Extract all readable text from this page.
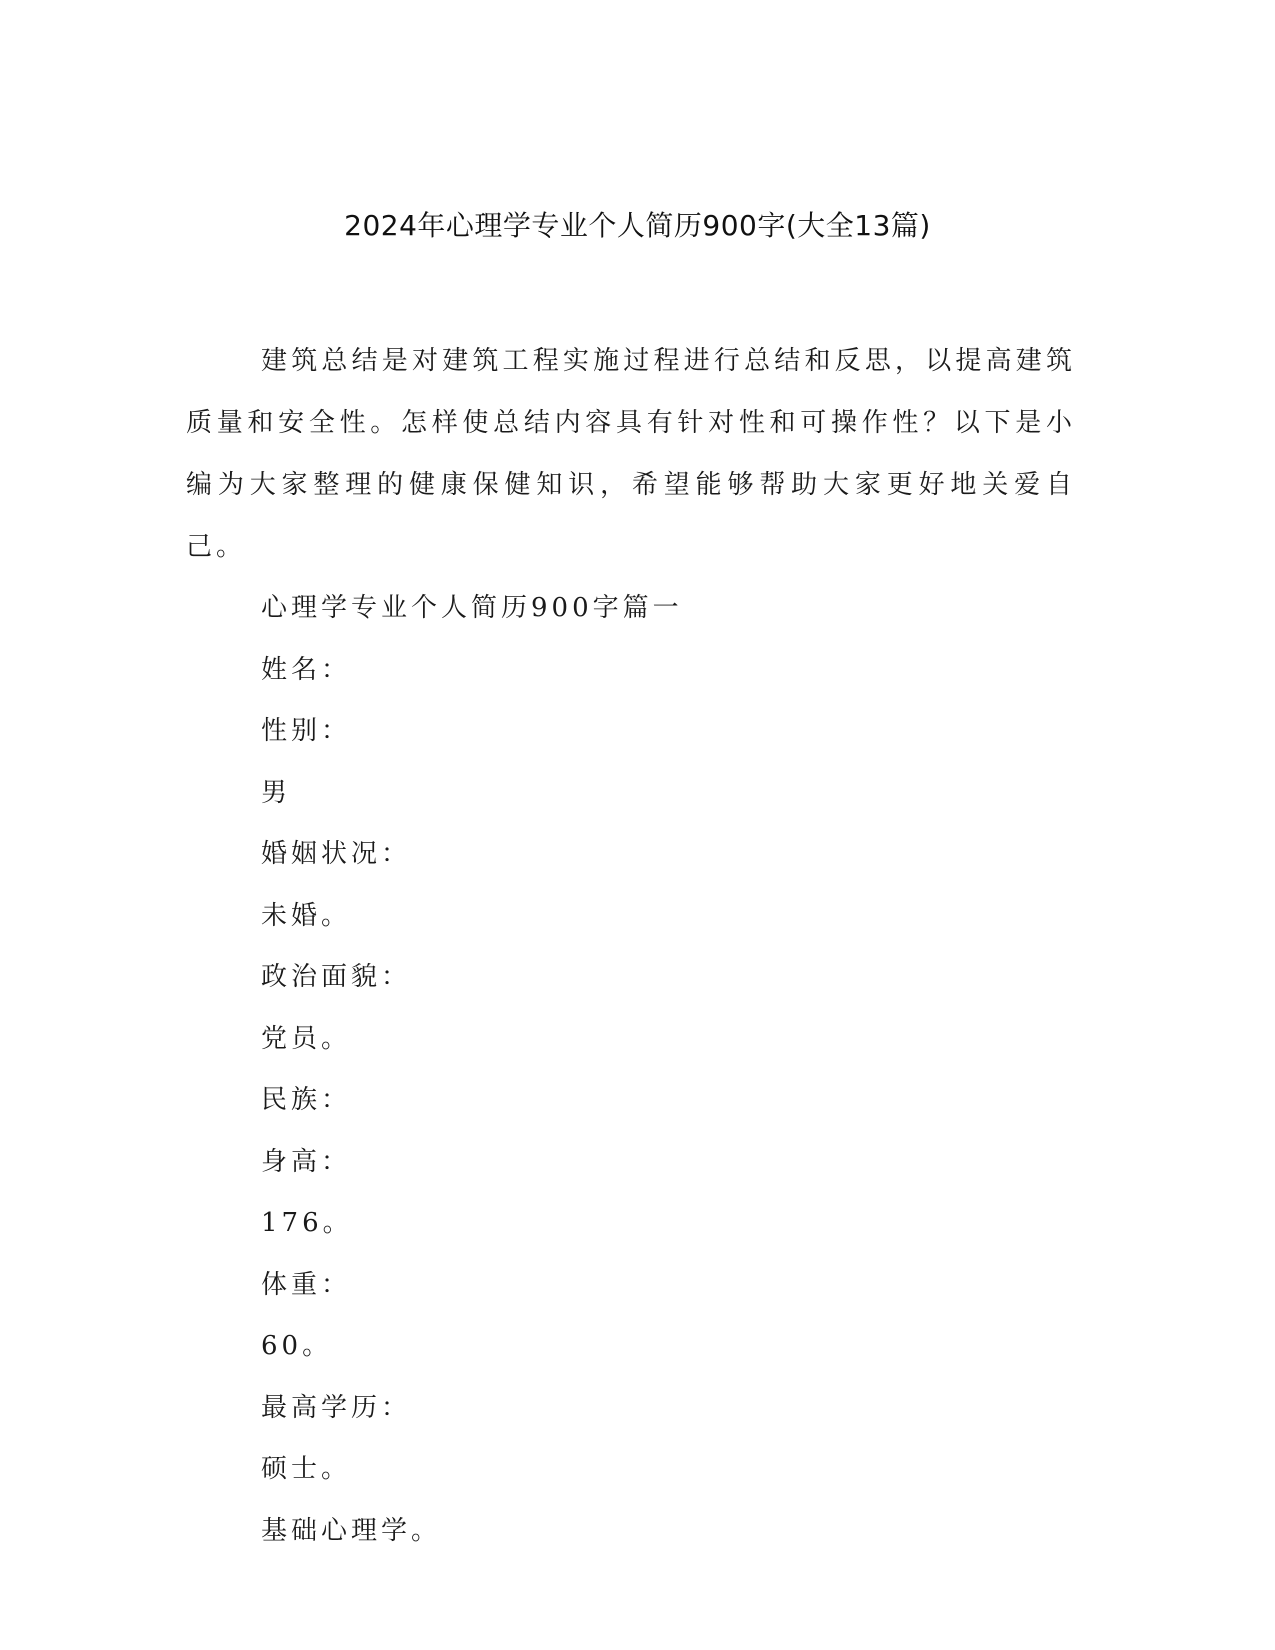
2024年心理学专业个人简历900字(大全13篇)

建筑总结是对建筑工程实施过程进行总结和反思，以提高建筑质量和安全性。怎样使总结内容具有针对性和可操作性？以下是小编为大家整理的健康保健知识，希望能够帮助大家更好地关爱自己。

心理学专业个人简历900字篇一
姓名：
性别：
男
婚姻状况：
未婚。
政治面貌：
党员。
民族：
身高：
176。
体重：
60。
最高学历：
硕士。
基础心理学。
